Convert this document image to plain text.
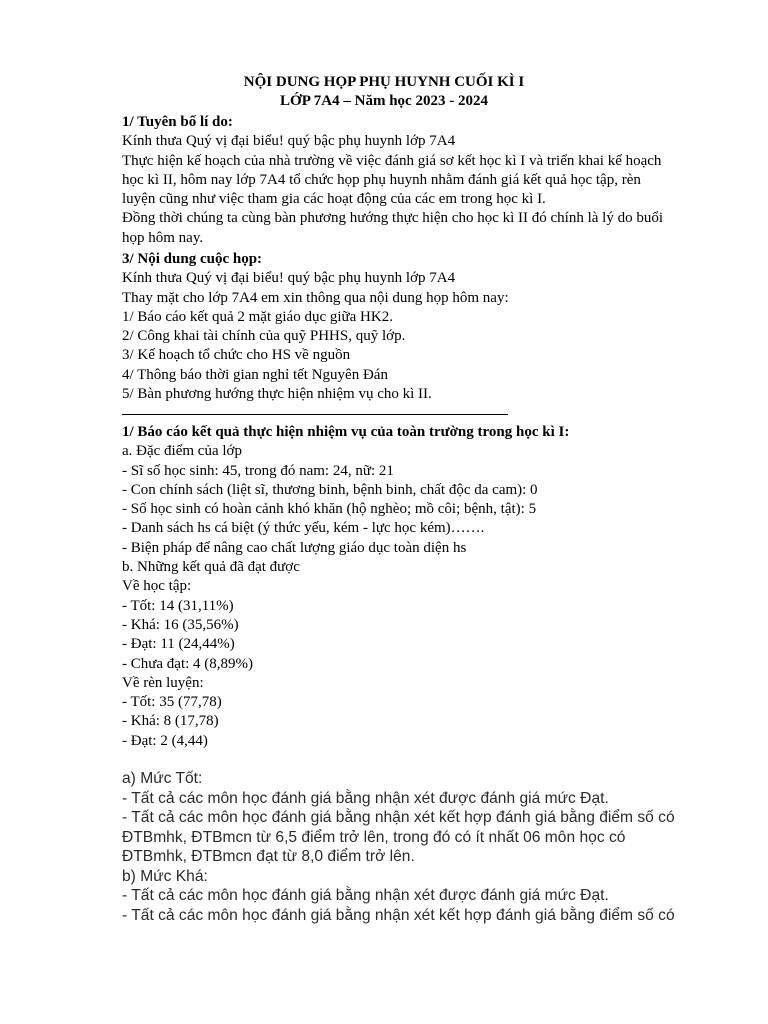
NỘI DUNG HỌP PHỤ HUYNH CUỐI KÌ I

LỚP 7A4 – Năm học 2023 - 2024

1/ Tuyên bố lí do:
Kính thưa Quý vị đại biểu! quý bậc phụ huynh lớp 7A4
Thực hiện kế hoạch của nhà trường về việc đánh giá sơ kết học kì I và triển khai kế hoạch
học kì II, hôm nay lớp 7A4 tổ chức họp phụ huynh nhằm đánh giá kết quả học tập, rèn
luyện cũng như việc tham gia các hoạt động của các em trong học kì I.
Đồng thời chúng ta cùng bàn phương hướng thực hiện cho học kì II đó chính là lý do buổi
họp hôm nay.
3/ Nội dung cuộc họp:
Kính thưa Quý vị đại biểu! quý bậc phụ huynh lớp 7A4
Thay mặt cho lớp 7A4 em xin thông qua nội dung họp hôm nay:
1/ Báo cáo kết quả 2 mặt giáo dục giữa HK2.
2/ Công khai tài chính của quỹ PHHS, quỹ lớp.
3/ Kế hoạch tổ chức cho HS về nguồn
4/ Thông báo thời gian nghỉ tết Nguyên Đán
5/ Bàn phương hướng thực hiện nhiệm vụ cho kì II.
1/ Báo cáo kết quả thực hiện nhiệm vụ của toàn trường trong học kì I:
a. Đặc điểm của lớp
- Sĩ số học sinh: 45, trong đó nam: 24, nữ: 21
- Con chính sách (liệt sĩ, thương binh, bệnh binh, chất độc da cam): 0
- Số học sinh có hoàn cảnh khó khăn (hộ nghèo; mồ côi; bệnh, tật): 5
- Danh sách hs cá biệt (ý thức yếu, kém - lực học kém)…….
- Biện pháp để nâng cao chất lượng giáo dục toàn diện hs
b. Những kết quả đã đạt được
Về học tập:
- Tốt: 14 (31,11%)
- Khá: 16 (35,56%)
- Đạt: 11 (24,44%)
- Chưa đạt: 4 (8,89%)
Về rèn luyện:
- Tốt: 35 (77,78)
- Khá: 8 (17,78)
- Đạt: 2 (4,44)

a) Mức Tốt:

- Tất cả các môn học đánh giá bằng nhận xét được đánh giá mức Đạt.

- Tất cả các môn học đánh giá bằng nhận xét kết hợp đánh giá bằng điểm số có

ĐTBmhk, ĐTBmcn từ 6,5 điểm trở lên, trong đó có ít nhất 06 môn học có

ĐTBmhk, ĐTBmcn đạt từ 8,0 điểm trở lên.

b) Mức Khá:

- Tất cả các môn học đánh giá bằng nhận xét được đánh giá mức Đạt.

- Tất cả các môn học đánh giá bằng nhận xét kết hợp đánh giá bằng điểm số có
